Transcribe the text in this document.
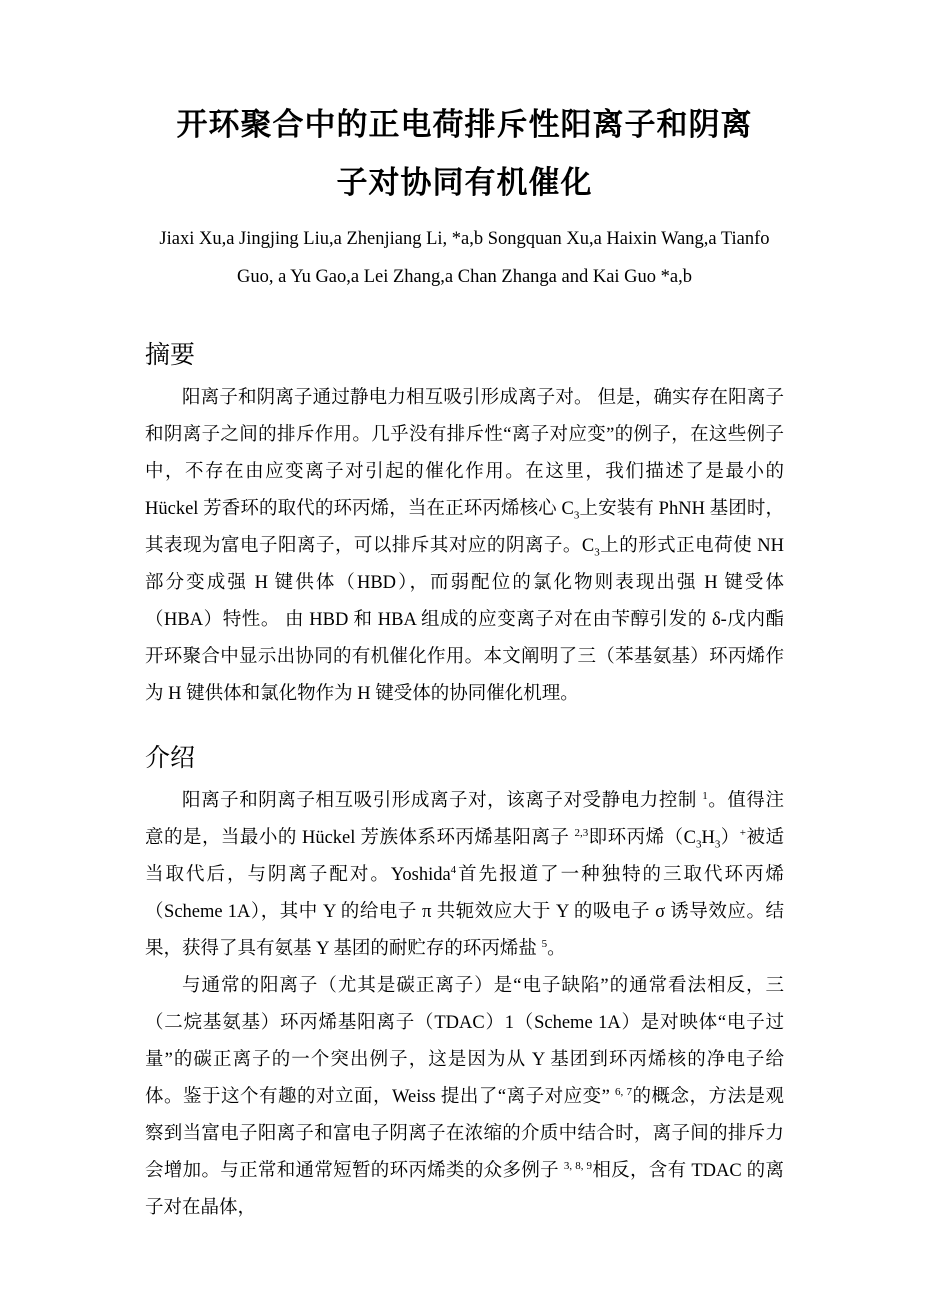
开环聚合中的正电荷排斥性阳离子和阴离
子对协同有机催化
Jiaxi Xu,a Jingjing Liu,a Zhenjiang Li, *a,b Songquan Xu,a Haixin Wang,a Tianfo
Guo, a Yu Gao,a Lei Zhang,a Chan Zhanga and Kai Guo *a,b
摘要

阳离子和阴离子通过静电力相互吸引形成离子对。 但是，确实存在阳离子和阴离子之间的排斥作用。几乎没有排斥性“离子对应变”的例子，在这些例子中，不存在由应变离子对引起的催化作用。在这里，我们描述了是最小的 Hückel 芳香环的取代的环丙烯，当在正环丙烯核心 $C_3$上安装有 PhNH 基团时，其表现为富电子阳离子，可以排斥其对应的阴离子。$C_3$上的形式正电荷使 NH 部分变成强 H 键供体（HBD），而弱配位的氯化物则表现出强 H 键受体（HBA）特性。 由 HBD 和 HBA 组成的应变离子对在由苄醇引发的 δ-戊内酯开环聚合中显示出协同的有机催化作用。本文阐明了三（苯基氨基）环丙烯作为 H 键供体和氯化物作为 H 键受体的协同催化机理。

介绍

阳离子和阴离子相互吸引形成离子对，该离子对受静电力控制 $^1$。值得注意的是，当最小的 Hückel 芳族体系环丙烯基阳离子 $^{2,3}$即环丙烯$(C_3H_3)^+$被适当取代后，与阴离子配对。Yoshida$^4$首先报道了一种独特的三取代环丙烯（Scheme 1A），其中 Y 的给电子 π 共轭效应大于 Y 的吸电子 σ 诱导效应。结果，获得了具有氨基 Y 基团的耐贮存的环丙烯盐 $^5$。

与通常的阳离子（尤其是碳正离子）是“电子缺陷”的通常看法相反，三（二烷基氨基）环丙烯基阳离子（TDAC）1（Scheme 1A）是对映体“电子过量”的碳正离子的一个突出例子，这是因为从 Y 基团到环丙烯核的净电子给体。鉴于这个有趣的对立面，Weiss 提出了“离子对应变” $^{6, 7}$的概念，方法是观察到当富电子阳离子和富电子阴离子在浓缩的介质中结合时，离子间的排斥力会增加。与正常和通常短暂的环丙烯类的众多例子 $^{3, 8, 9}$相反，含有 TDAC 的离子对在晶体，
